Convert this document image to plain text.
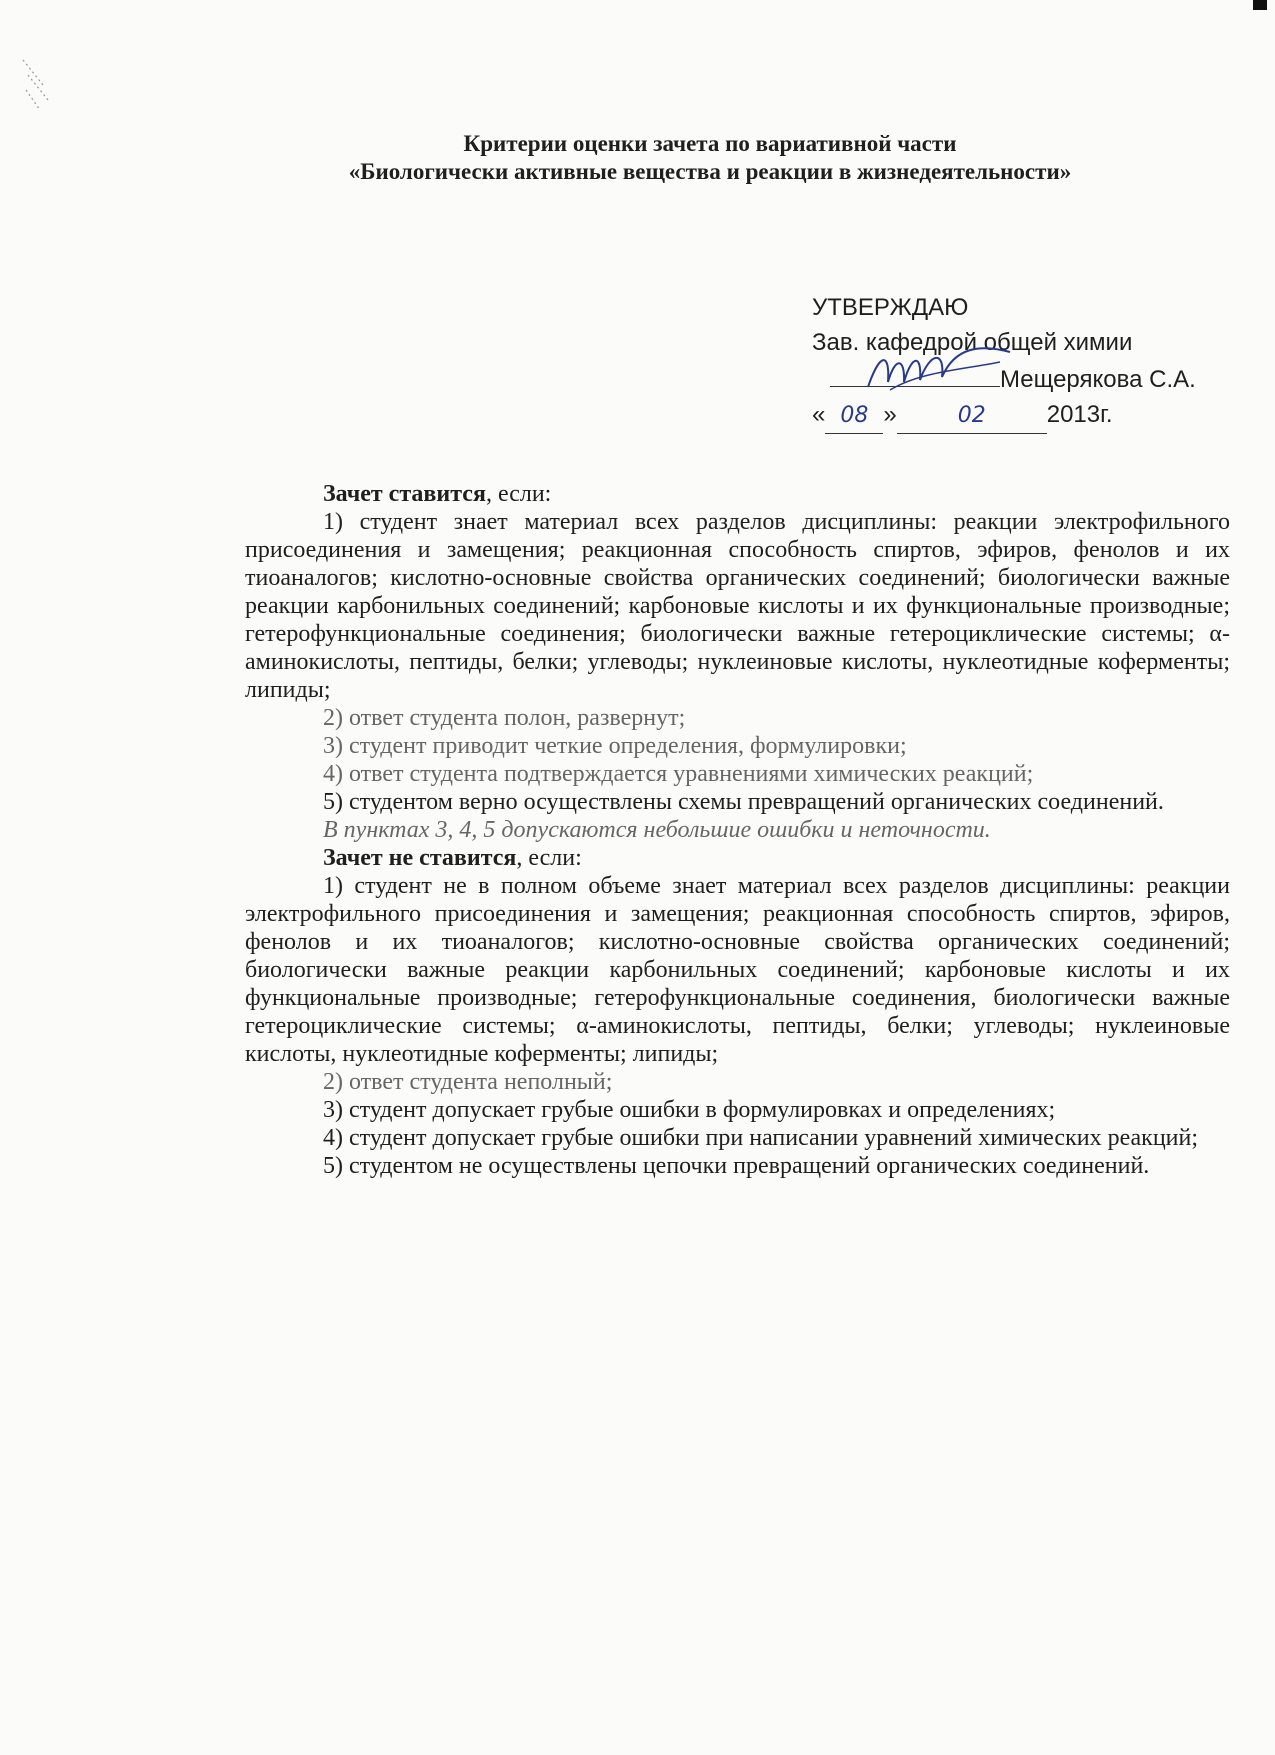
Критерии оценки зачета по вариативной части
«Биологически активные вещества и реакции в жизнедеятельности»
УТВЕРЖДАЮ
Зав. кафедрой общей химии
Мещерякова С.А.
« 08 »	02	2013г.

Зачет ставится, если:

1) студент знает материал всех разделов дисциплины: реакции электрофильного присоединения и замещения; реакционная способность спиртов, эфиров, фенолов и их тиоаналогов; кислотно-основные свойства органических соединений; биологически важные реакции карбонильных соединений; карбоновые кислоты и их функциональные производные; гетерофункциональные соединения; биологически важные гетероциклические системы; α-аминокислоты, пептиды, белки; углеводы; нуклеиновые кислоты, нуклеотидные коферменты; липиды;

2) ответ студента полон, развернут;

3) студент приводит четкие определения, формулировки;

4) ответ студента подтверждается уравнениями химических реакций;

5) студентом верно осуществлены схемы превращений органических соединений.

В пунктах 3, 4, 5 допускаются небольшие ошибки и неточности.

Зачет не ставится, если:

1) студент не в полном объеме знает материал всех разделов дисциплины: реакции электрофильного присоединения и замещения; реакционная способность спиртов, эфиров, фенолов и их тиоаналогов; кислотно-основные свойства органических соединений; биологически важные реакции карбонильных соединений; карбоновые кислоты и их функциональные производные; гетерофункциональные соединения, биологически важные гетероциклические системы; α-аминокислоты, пептиды, белки; углеводы; нуклеиновые кислоты, нуклеотидные коферменты; липиды;

2) ответ студента неполный;

3) студент допускает грубые ошибки в формулировках и определениях;

4) студент допускает грубые ошибки при написании уравнений химических реакций;

5) студентом не осуществлены цепочки превращений органических соединений.
